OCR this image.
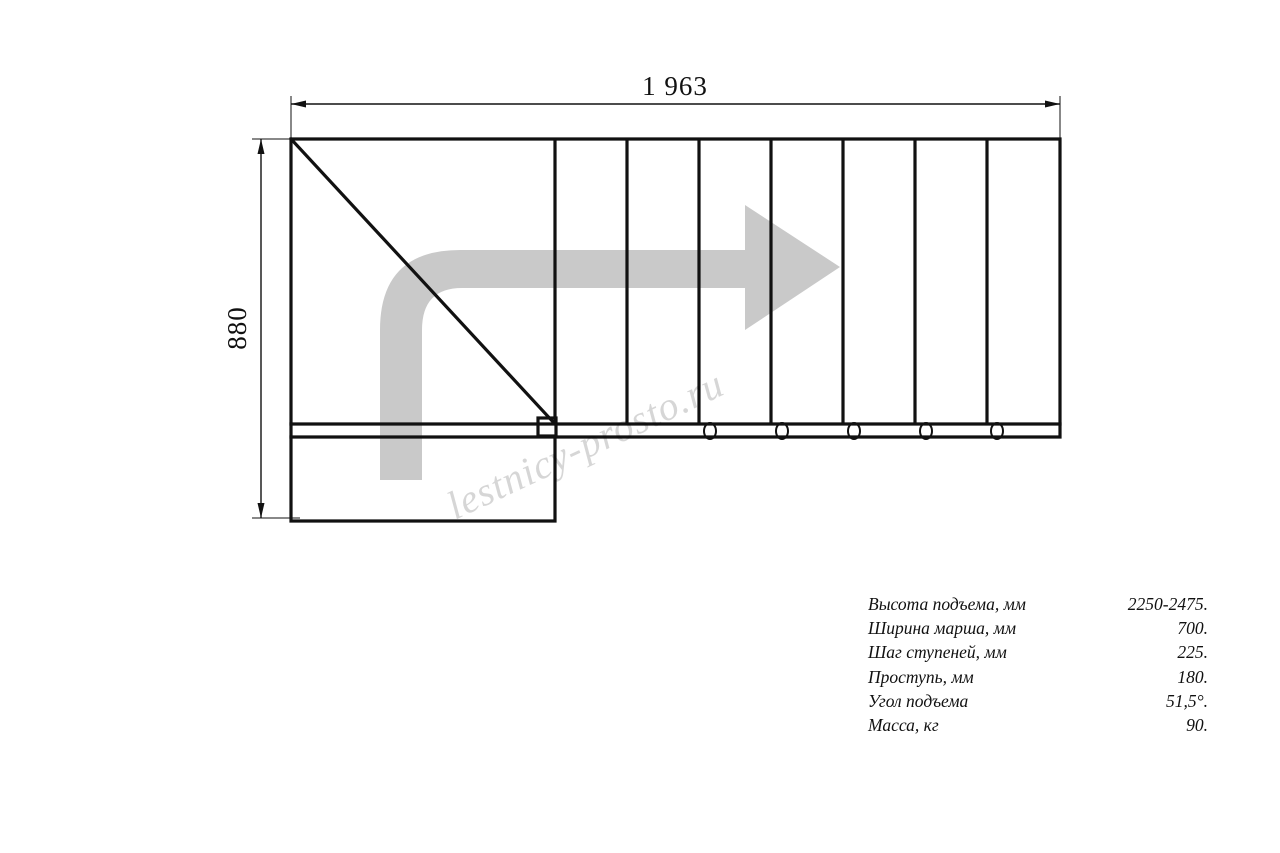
1 963
880
lestnicy-prosto.ru
Высота подъема, мм	2250-2475.
Ширина марша, мм	700.
Шаг ступеней, мм	225.
Проступь, мм	180.
Угол подъема	51,5°.
Масса, кг	90.
